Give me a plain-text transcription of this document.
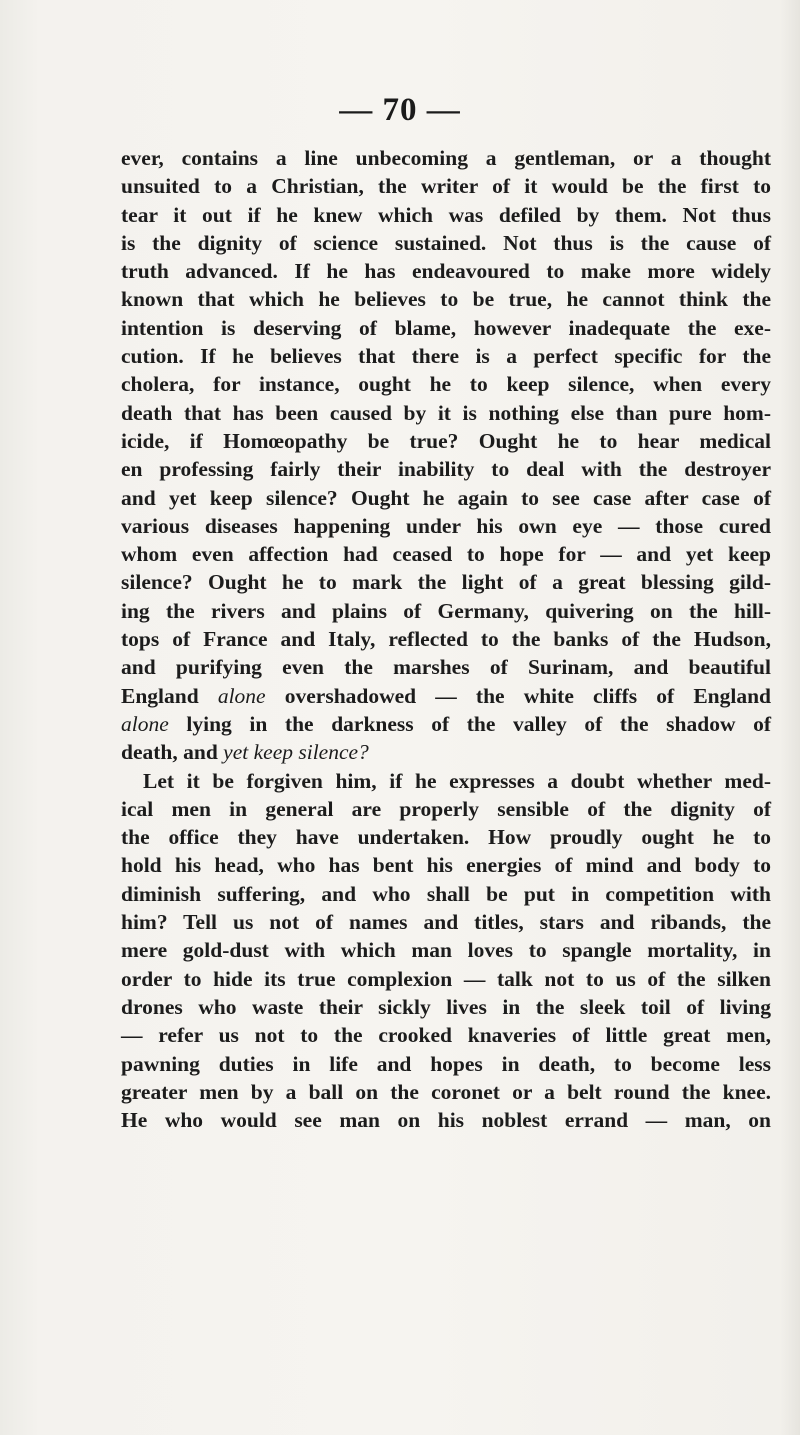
— 70 —
ever, contains a line unbecoming a gentleman, or a thought
unsuited to a Christian, the writer of it would be the first to
tear it out if he knew which was defiled by them. Not thus
is the dignity of science sustained. Not thus is the cause of
truth advanced. If he has endeavoured to make more widely
known that which he believes to be true, he cannot think the
intention is deserving of blame, however inadequate the exe-
cution. If he believes that there is a perfect specific for the
cholera, for instance, ought he to keep silence, when every
death that has been caused by it is nothing else than pure hom-
icide, if Homœopathy be true? Ought he to hear medical
en professing fairly their inability to deal with the destroyer
and yet keep silence? Ought he again to see case after case of
various diseases happening under his own eye — those cured
whom even affection had ceased to hope for — and yet keep
silence? Ought he to mark the light of a great blessing gild-
ing the rivers and plains of Germany, quivering on the hill-
tops of France and Italy, reflected to the banks of the Hudson,
and purifying even the marshes of Surinam, and beautiful
England alone overshadowed — the white cliffs of England
alone lying in the darkness of the valley of the shadow of
death, and yet keep silence?
Let it be forgiven him, if he expresses a doubt whether med-
ical men in general are properly sensible of the dignity of
the office they have undertaken. How proudly ought he to
hold his head, who has bent his energies of mind and body to
diminish suffering, and who shall be put in competition with
him? Tell us not of names and titles, stars and ribands, the
mere gold-dust with which man loves to spangle mortality, in
order to hide its true complexion — talk not to us of the silken
drones who waste their sickly lives in the sleek toil of living
— refer us not to the crooked knaveries of little great men,
pawning duties in life and hopes in death, to become less
greater men by a ball on the coronet or a belt round the knee.
He who would see man on his noblest errand — man, on
